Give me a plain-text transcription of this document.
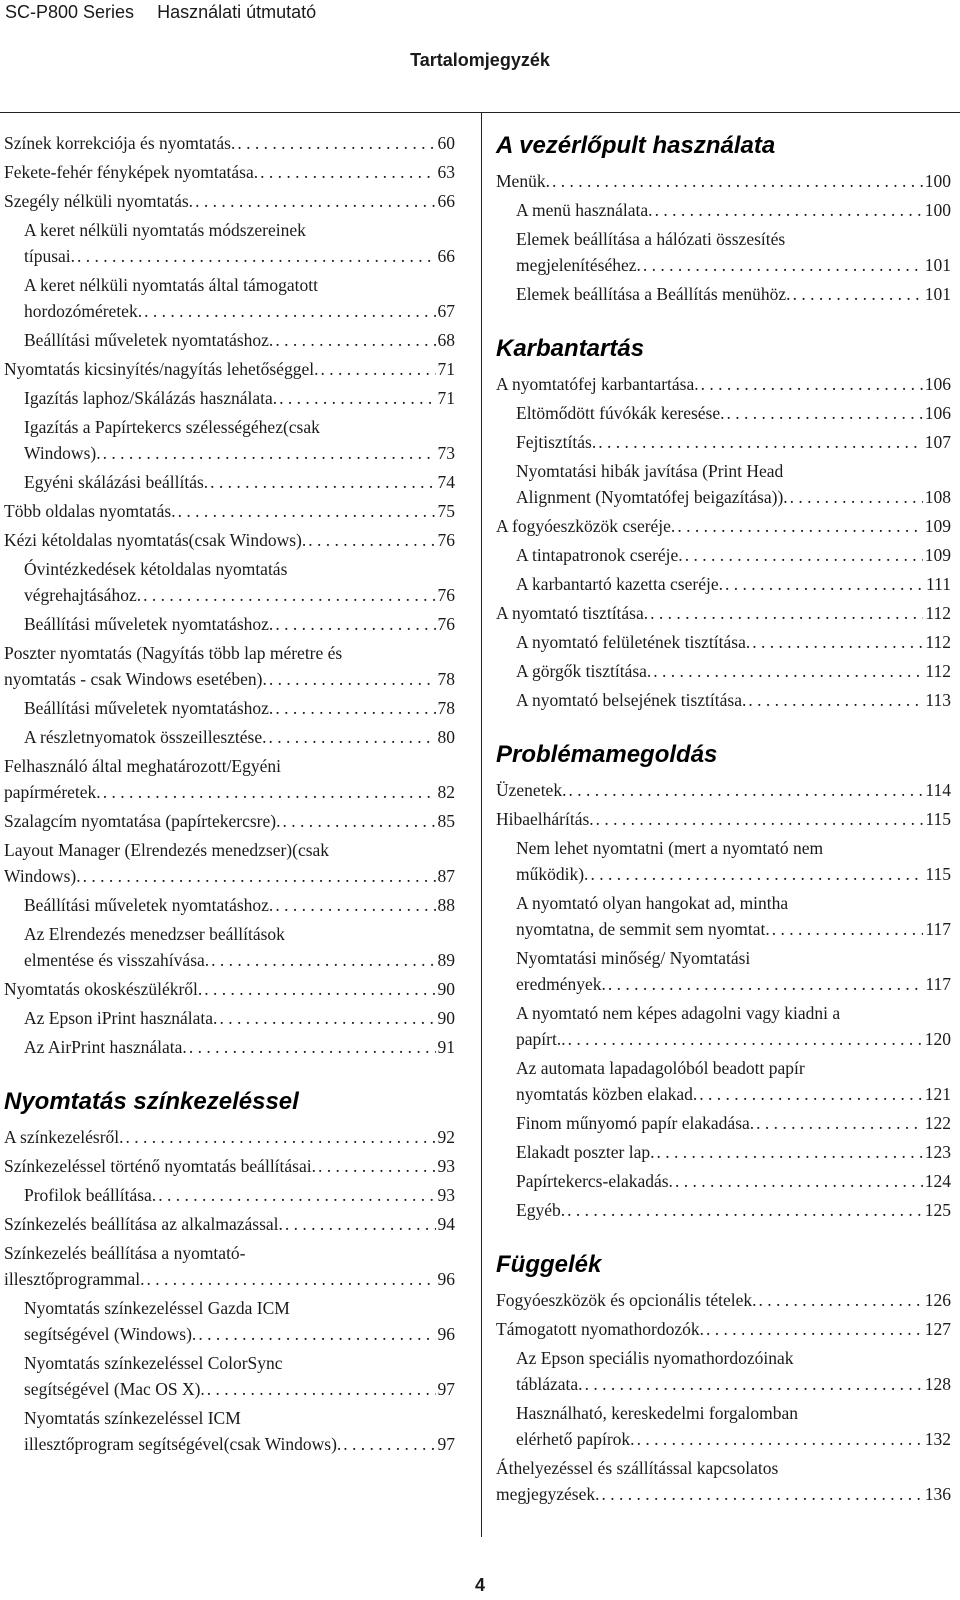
SC-P800 Series Használati útmutató
Tartalomjegyzék
Színek korrekciója és nyomtatás. . . .	60
Fekete-fehér fényképek nyomtatása. . . .	63
Szegély nélküli nyomtatás. . . .	66
A keret nélküli nyomtatás módszereinek
típusai. . . .	66
A keret nélküli nyomtatás által támogatott
hordozóméretek. . . .	67
Beállítási műveletek nyomtatáshoz. . . .	68
Nyomtatás kicsinyítés/nagyítás lehetőséggel. . . .	71
Igazítás laphoz/Skálázás használata. . . .	71
Igazítás a Papírtekercs szélességéhez(csak
Windows). . . .	73
Egyéni skálázási beállítás. . . .	74
Több oldalas nyomtatás. . . .	75
Kézi kétoldalas nyomtatás(csak Windows). . . .	76
Óvintézkedések kétoldalas nyomtatás
végrehajtásához. . . .	76
Beállítási műveletek nyomtatáshoz. . . .	76
Poszter nyomtatás (Nagyítás több lap méretre és
nyomtatás - csak Windows esetében). . . .	78
Beállítási műveletek nyomtatáshoz. . . .	78
A részletnyomatok összeillesztése. . . .	80
Felhasználó által meghatározott/Egyéni
papírméretek. . . .	82
Szalagcím nyomtatása (papírtekercsre). . . .	85
Layout Manager (Elrendezés menedzser)(csak
Windows). . . .	87
Beállítási műveletek nyomtatáshoz. . . .	88
Az Elrendezés menedzser beállítások
elmentése és visszahívása. . . .	89
Nyomtatás okoskészülékről. . . .	90
Az Epson iPrint használata. . . .	90
Az AirPrint használata. . . .	91
Nyomtatás színkezeléssel
A színkezelésről. . . .	92
Színkezeléssel történő nyomtatás beállításai. . . .	93
Profilok beállítása. . . .	93
Színkezelés beállítása az alkalmazással. . . .	94
Színkezelés beállítása a nyomtató-
illesztőprogrammal. . . .	96
Nyomtatás színkezeléssel Gazda ICM
segítségével (Windows). . . .	96
Nyomtatás színkezeléssel ColorSync
segítségével (Mac OS X). . . .	97
Nyomtatás színkezeléssel ICM
illesztőprogram segítségével(csak Windows). . . .	97
A vezérlőpult használata
Menük. . . .	100
A menü használata. . . .	100
Elemek beállítása a hálózati összesítés
megjelenítéséhez. . . .	101
Elemek beállítása a Beállítás menühöz. . . .	101
Karbantartás
A nyomtatófej karbantartása. . . .	106
Eltömődött fúvókák keresése. . . .	106
Fejtisztítás. . . .	107
Nyomtatási hibák javítása (Print Head
Alignment (Nyomtatófej beigazítása)). . . .	108
A fogyóeszközök cseréje. . . .	109
A tintapatronok cseréje. . . .	109
A karbantartó kazetta cseréje. . . .	111
A nyomtató tisztítása. . . .	112
A nyomtató felületének tisztítása. . . .	112
A görgők tisztítása. . . .	112
A nyomtató belsejének tisztítása. . . .	113
Problémamegoldás
Üzenetek. . . .	114
Hibaelhárítás. . . .	115
Nem lehet nyomtatni (mert a nyomtató nem
működik). . . .	115
A nyomtató olyan hangokat ad, mintha
nyomtatna, de semmit sem nyomtat. . . .	117
Nyomtatási minőség/ Nyomtatási
eredmények. . . .	117
A nyomtató nem képes adagolni vagy kiadni a
papírt.. . . .	120
Az automata lapadagolóból beadott papír
nyomtatás közben elakad. . . .	121
Finom műnyomó papír elakadása. . . .	122
Elakadt poszter lap. . . .	123
Papírtekercs-elakadás. . . .	124
Egyéb. . . .	125
Függelék
Fogyóeszközök és opcionális tételek. . . .	126
Támogatott nyomathordozók. . . .	127
Az Epson speciális nyomathordozóinak
táblázata. . . .	128
Használható, kereskedelmi forgalomban
elérhető papírok. . . .	132
Áthelyezéssel és szállítással kapcsolatos
megjegyzések. . . .	136
4
